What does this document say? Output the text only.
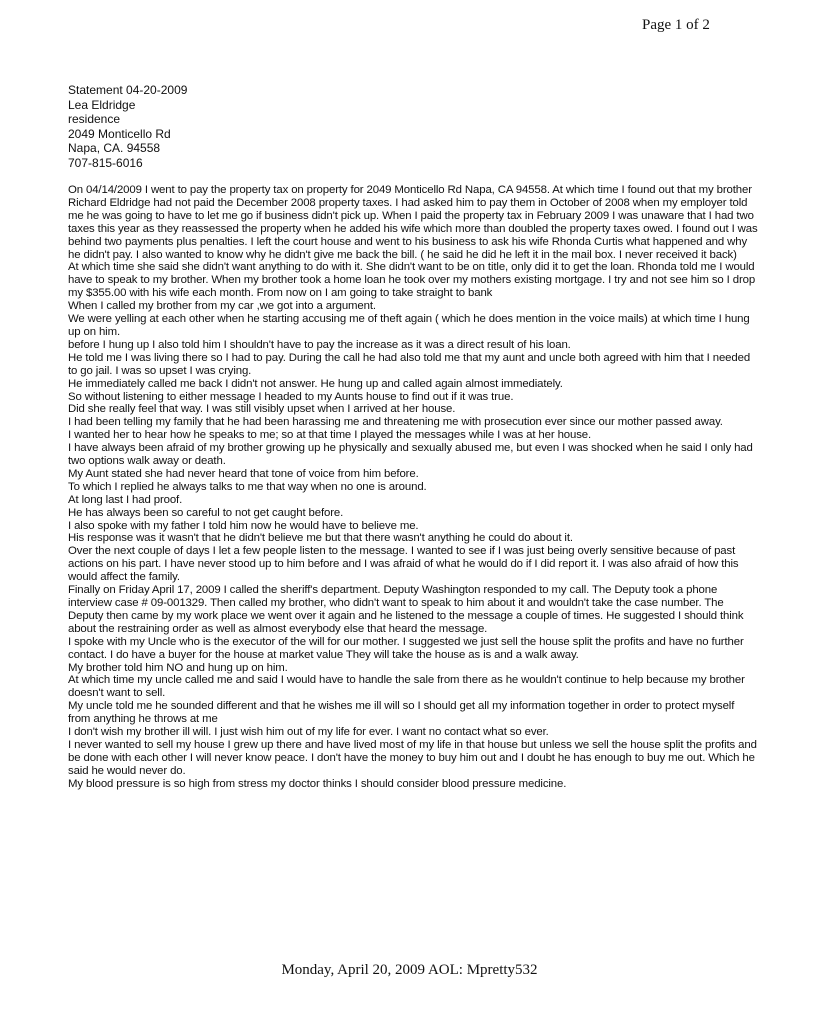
Page 1 of 2
Statement 04-20-2009
Lea Eldridge
residence
2049 Monticello Rd
Napa, CA. 94558
707-815-6016

On 04/14/2009 I went to pay the property tax on property for 2049 Monticello Rd Napa, CA 94558. At which time I found out that my brother Richard Eldridge had not paid the December 2008 property taxes. I had asked him to pay them in October of 2008 when my employer told me he was going to have to let me go if business didn't pick up. When I paid the property tax in February 2009 I was unaware that I had two taxes this year as they reassessed the property when he added his wife which more than doubled the property taxes owed. I found out I was behind two payments plus penalties. I left the court house and went to his business to ask his wife Rhonda Curtis what happened and why he didn't pay. I also wanted to know why he didn't give me back the bill. ( he said he did he left it in the mail box. I never received it back)

At which time she said she didn't want anything to do with it. She didn't want to be on title, only did it to get the loan. Rhonda told me I would have to speak to my brother. When my brother took a home loan he took over my mothers existing mortgage. I try and not see him so I drop my $355.00 with his wife each month. From now on I am going to take straight to bank

When I called my brother from my car ,we got into a argument.

We were yelling at each other when he starting accusing me of theft again ( which he does mention in the voice mails) at which time I hung up on him.

before I hung up I also told him I shouldn't have to pay the increase as it was a direct result of his loan.

He told me I was living there so I had to pay. During the call he had also told me that my aunt and uncle both agreed with him that I needed to go jail. I was so upset I was crying.

He immediately called me back I didn't not answer. He hung up and called again almost immediately.

So without listening to either message I headed to my Aunts house to find out if it was true.

Did she really feel that way. I was still visibly upset when I arrived at her house.

I had been telling my family that he had been harassing me and threatening me with prosecution ever since our mother passed away.

I wanted her to hear how he speaks to me; so at that time I played the messages while I was at her house.

I have always been afraid of my brother growing up he physically and sexually abused me, but even I was shocked when he said I only had two options walk away or death.

My Aunt stated she had never heard that tone of voice from him before.

To which I replied he always talks to me that way when no one is around.

At long last I had proof.

He has always been so careful to not get caught before.

I also spoke with my father I told him now he would have to believe me.

His response was it wasn't that he didn't believe me but that there wasn't anything he could do about it.

Over the next couple of days I let a few people listen to the message. I wanted to see if I was just being overly sensitive because of past actions on his part. I have never stood up to him before and I was afraid of what he would do if I did report it. I was also afraid of how this would affect the family.

Finally on Friday April 17, 2009 I called the sheriff's department. Deputy Washington responded to my call. The Deputy took a phone interview case # 09-001329. Then called my brother, who didn't want to speak to him about it and wouldn't take the case number. The Deputy then came by my work place we went over it again and he listened to the message a couple of times. He suggested I should think about the restraining order as well as almost everybody else that heard the message.

I spoke with my Uncle who is the executor of the will for our mother. I suggested we just sell the house split the profits and have no further contact. I do have a buyer for the house at market value They will take the house as is and a walk away.

My brother told him NO and hung up on him.

At which time my uncle called me and said I would have to handle the sale from there as he wouldn't continue to help because my brother doesn't want to sell.

My uncle told me he sounded different and that he wishes me ill will so I should get all my information together in order to protect myself from anything he throws at me

I don't wish my brother ill will. I just wish him out of my life for ever. I want no contact what so ever.

I never wanted to sell my house I grew up there and have lived most of my life in that house but unless we sell the house split the profits and be done with each other I will never know peace. I don't have the money to buy him out and I doubt he has enough to buy me out. Which he said he would never do.

My blood pressure is so high from stress my doctor thinks I should consider blood pressure medicine.

Monday, April 20, 2009 AOL: Mpretty532
